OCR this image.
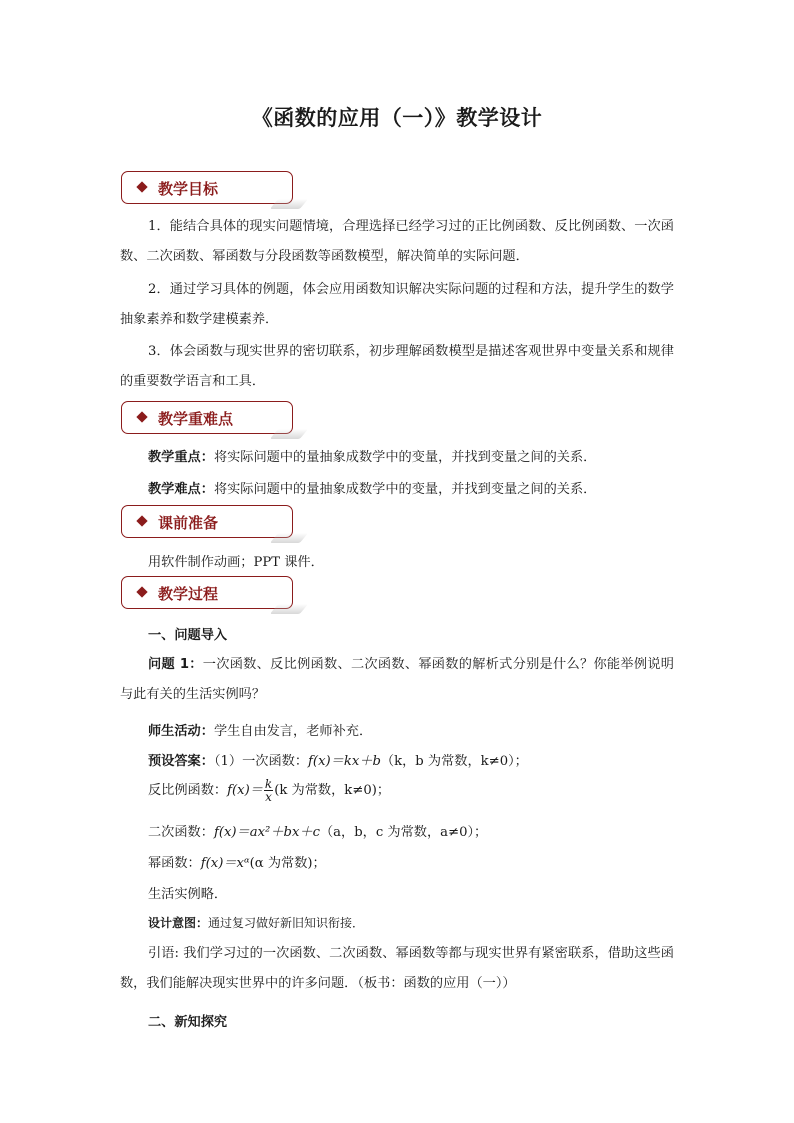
《函数的应用（一）》教学设计
教学目标
1．能结合具体的现实问题情境，合理选择已经学习过的正比例函数、反比例函数、一次函数、二次函数、幂函数与分段函数等函数模型，解决简单的实际问题．
2．通过学习具体的例题，体会应用函数知识解决实际问题的过程和方法，提升学生的数学抽象素养和数学建模素养．
3．体会函数与现实世界的密切联系，初步理解函数模型是描述客观世界中变量关系和规律的重要数学语言和工具．
教学重难点
教学重点：将实际问题中的量抽象成数学中的变量，并找到变量之间的关系．
教学难点：将实际问题中的量抽象成数学中的变量，并找到变量之间的关系．
课前准备
用软件制作动画；PPT 课件．
教学过程
一、问题导入
问题 1：一次函数、反比例函数、二次函数、幂函数的解析式分别是什么？你能举例说明与此有关的生活实例吗？
师生活动：学生自由发言，老师补充．
预设答案：（1）一次函数：f(x)＝kx＋b（k，b 为常数，k≠0）；
反比例函数：$f(x)= \frac{k}{x} (k$ 为常数，k≠0)；
二次函数：f(x)＝ax²＋bx＋c（a，b，c 为常数，a≠0）；
幂函数：f(x)＝xᵅ(α 为常数)；
生活实例略．
设计意图：通过复习做好新旧知识衔接．
引语: 我们学习过的一次函数、二次函数、幂函数等都与现实世界有紧密联系，借助这些函数，我们能解决现实世界中的许多问题．（板书：函数的应用（一））
二、新知探究
